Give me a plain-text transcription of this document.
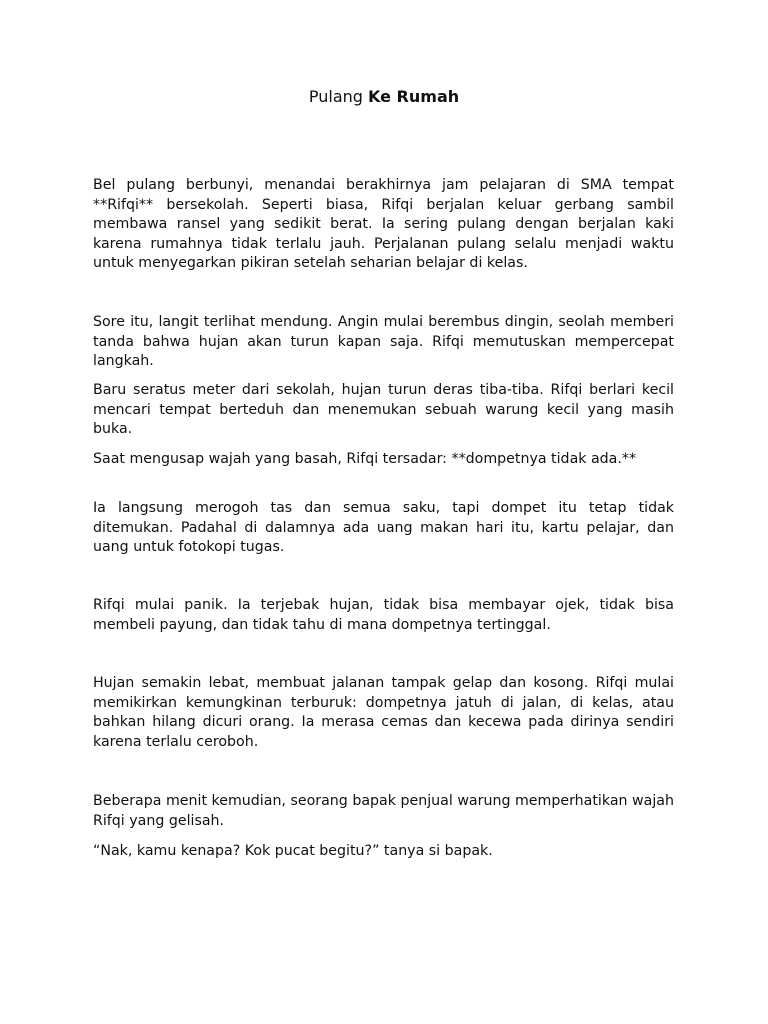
Pulang Ke Rumah

Bel pulang berbunyi, menandai berakhirnya jam pelajaran di SMA tempat **Rifqi** bersekolah. Seperti biasa, Rifqi berjalan keluar gerbang sambil membawa ransel yang sedikit berat. Ia sering pulang dengan berjalan kaki karena rumahnya tidak terlalu jauh. Perjalanan pulang selalu menjadi waktu untuk menyegarkan pikiran setelah seharian belajar di kelas.

Sore itu, langit terlihat mendung. Angin mulai berembus dingin, seolah memberi tanda bahwa hujan akan turun kapan saja. Rifqi memutuskan mempercepat langkah.

Baru seratus meter dari sekolah, hujan turun deras tiba-tiba. Rifqi berlari kecil mencari tempat berteduh dan menemukan sebuah warung kecil yang masih buka.

Saat mengusap wajah yang basah, Rifqi tersadar: **dompetnya tidak ada.**

Ia langsung merogoh tas dan semua saku, tapi dompet itu tetap tidak ditemukan. Padahal di dalamnya ada uang makan hari itu, kartu pelajar, dan uang untuk fotokopi tugas.

Rifqi mulai panik. Ia terjebak hujan, tidak bisa membayar ojek, tidak bisa membeli payung, dan tidak tahu di mana dompetnya tertinggal.

Hujan semakin lebat, membuat jalanan tampak gelap dan kosong. Rifqi mulai memikirkan kemungkinan terburuk: dompetnya jatuh di jalan, di kelas, atau bahkan hilang dicuri orang. Ia merasa cemas dan kecewa pada dirinya sendiri karena terlalu ceroboh.

Beberapa menit kemudian, seorang bapak penjual warung memperhatikan wajah Rifqi yang gelisah.

“Nak, kamu kenapa? Kok pucat begitu?” tanya si bapak.
